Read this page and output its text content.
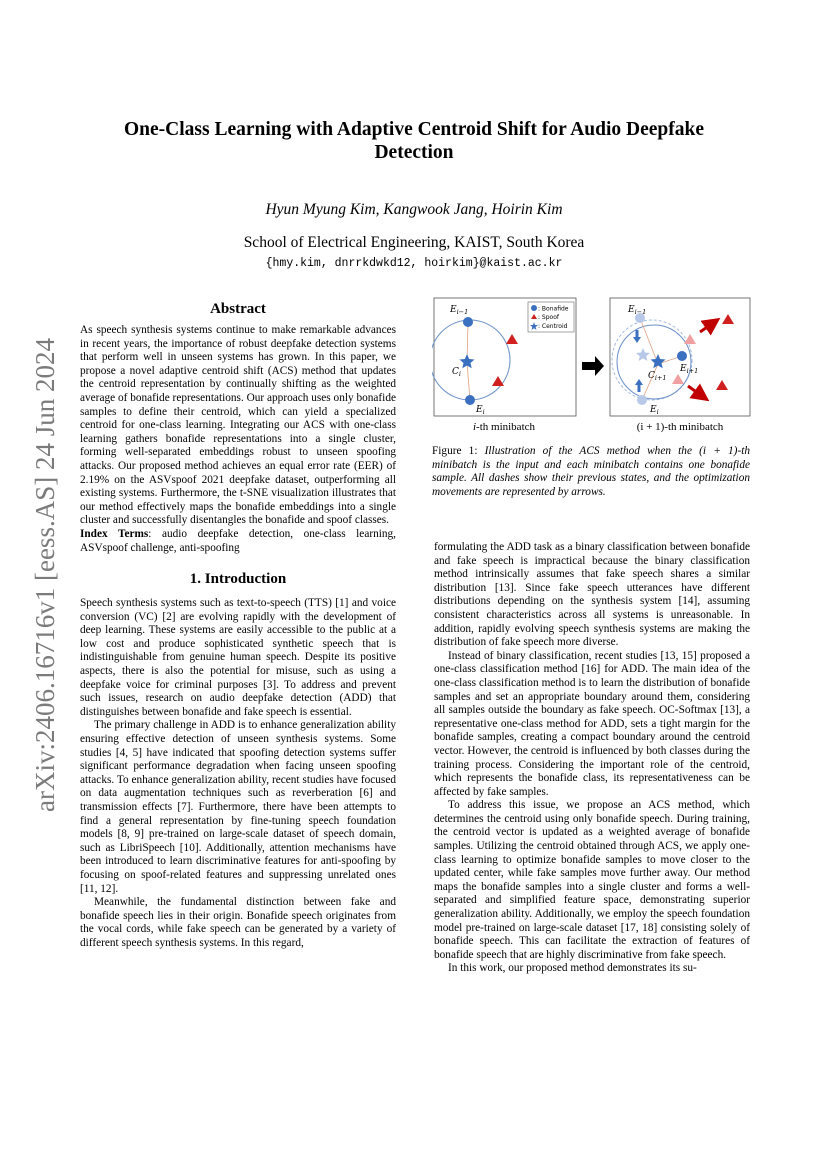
arXiv:2406.16716v1 [eess.AS] 24 Jun 2024
One-Class Learning with Adaptive Centroid Shift for Audio Deepfake Detection
Hyun Myung Kim, Kangwook Jang, Hoirin Kim
School of Electrical Engineering, KAIST, South Korea
{hmy.kim, dnrrkdwkd12, hoirkim}@kaist.ac.kr
Abstract

As speech synthesis systems continue to make remarkable advances in recent years, the importance of robust deepfake detection systems that perform well in unseen systems has grown. In this paper, we propose a novel adaptive centroid shift (ACS) method that updates the centroid representation by continually shifting as the weighted average of bonafide representations. Our approach uses only bonafide samples to define their centroid, which can yield a specialized centroid for one-class learning. Integrating our ACS with one-class learning gathers bonafide representations into a single cluster, forming well-separated embeddings robust to unseen spoofing attacks. Our proposed method achieves an equal error rate (EER) of 2.19% on the ASVspoof 2021 deepfake dataset, outperforming all existing systems. Furthermore, the t-SNE visualization illustrates that our method effectively maps the bonafide embeddings into a single cluster and successfully disentangles the bonafide and spoof classes.

Index Terms: audio deepfake detection, one-class learning, ASVspoof challenge, anti-spoofing

1. Introduction

Speech synthesis systems such as text-to-speech (TTS) [1] and voice conversion (VC) [2] are evolving rapidly with the development of deep learning. These systems are easily accessible to the public at a low cost and produce sophisticated synthetic speech that is indistinguishable from genuine human speech. Despite its positive aspects, there is also the potential for misuse, such as using a deepfake voice for criminal purposes [3]. To address and prevent such issues, research on audio deepfake detection (ADD) that distinguishes between bonafide and fake speech is essential.

The primary challenge in ADD is to enhance generalization ability ensuring effective detection of unseen synthesis systems. Some studies [4, 5] have indicated that spoofing detection systems suffer significant performance degradation when facing unseen spoofing attacks. To enhance generalization ability, recent studies have focused on data augmentation techniques such as reverberation [6] and transmission effects [7]. Furthermore, there have been attempts to find a general representation by fine-tuning speech foundation models [8, 9] pre-trained on large-scale dataset of speech domain, such as LibriSpeech [10]. Additionally, attention mechanisms have been introduced to learn discriminative features for anti-spoofing by focusing on spoof-related features and suppressing unrelated ones [11, 12].

Meanwhile, the fundamental distinction between fake and bonafide speech lies in their origin. Bonafide speech originates from the vocal cords, while fake speech can be generated by a variety of different speech synthesis systems. In this regard,

$E_{i-1}$
$C_i$
$E_i$
: Bonafide
: Spoof
: Centroid
$E_{i-1}$
$C_{i+1}$
$E_{i+1}$
$E_i$
i-th minibatch	(i + 1)-th minibatch
Figure 1: Illustration of the ACS method when the (i + 1)-th minibatch is the input and each minibatch contains one bonafide sample. All dashes show their previous states, and the optimization movements are represented by arrows.

formulating the ADD task as a binary classification between bonafide and fake speech is impractical because the binary classification method intrinsically assumes that fake speech shares a similar distribution [13]. Since fake speech utterances have different distributions depending on the synthesis system [14], assuming consistent characteristics across all systems is unreasonable. In addition, rapidly evolving speech synthesis systems are making the distribution of fake speech more diverse.

Instead of binary classification, recent studies [13, 15] proposed a one-class classification method [16] for ADD. The main idea of the one-class classification method is to learn the distribution of bonafide samples and set an appropriate boundary around them, considering all samples outside the boundary as fake speech. OC-Softmax [13], a representative one-class method for ADD, sets a tight margin for the bonafide samples, creating a compact boundary around the centroid vector. However, the centroid is influenced by both classes during the training process. Considering the important role of the centroid, which represents the bonafide class, its representativeness can be affected by fake samples.

To address this issue, we propose an ACS method, which determines the centroid using only bonafide speech. During training, the centroid vector is updated as a weighted average of bonafide samples. Utilizing the centroid obtained through ACS, we apply one-class learning to optimize bonafide samples to move closer to the updated center, while fake samples move further away. Our method maps the bonafide samples into a single cluster and forms a well-separated and simplified feature space, demonstrating superior generalization ability. Additionally, we employ the speech foundation model pre-trained on large-scale dataset [17, 18] consisting solely of bonafide speech. This can facilitate the extraction of features of bonafide speech that are highly discriminative from fake speech.

In this work, our proposed method demonstrates its su-
